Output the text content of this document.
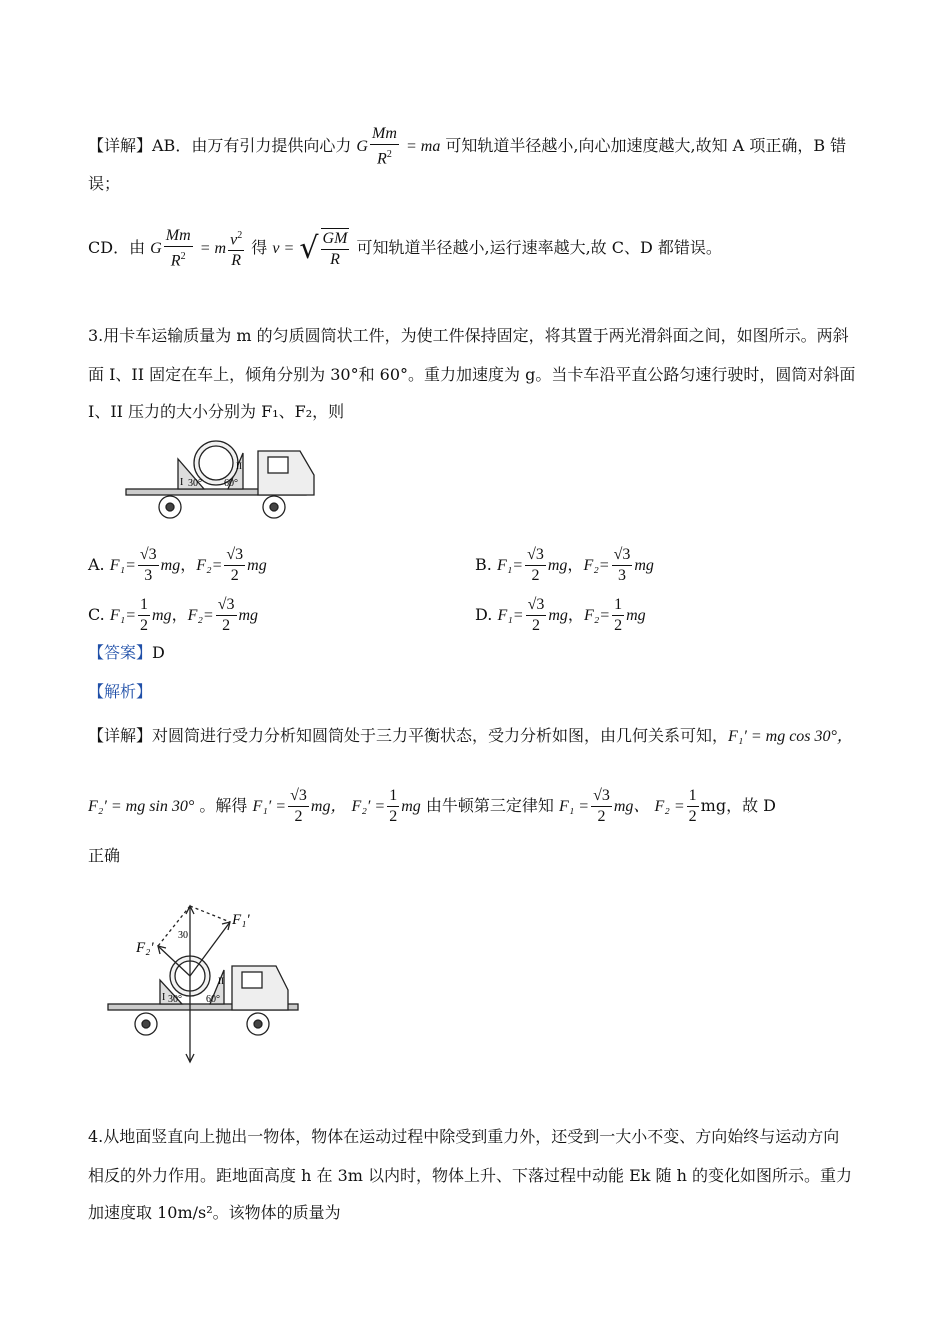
【详解】AB．由万有引力提供向心力 G $\frac{Mm}{R^2}$ = ma 可知轨道半径越小,向心加速度越大,故知 A 项正确，B 错
误；
CD．由 G $\frac{Mm}{R^2} = m \frac{v^2}{R}$ 得 v = √ $\frac{GM}{R}$ 可知轨道半径越小,运行速率越大,故 C、D 都错误。
3.用卡车运输质量为 m 的匀质圆筒状工件，为使工件保持固定，将其置于两光滑斜面之间，如图所示。两斜
面 I、II 固定在车上，倾角分别为 30°和 60°。重力加速度为 g。当卡车沿平直公路匀速行驶时，圆筒对斜面
I、II 压力的大小分别为 F₁、F₂，则
I
II
30° 60°
A. $F_1= \frac{√3}{3}$ mg，$F_2= \frac{√3}{2}$ mg	B. $F_1= \frac{√3}{2}$ mg，$F_2= \frac{√3}{3}$ mg
C. $F_1= \frac{1}{2}$ mg，$F_2= \frac{√3}{2}$ mg	D. $F_1= \frac{√3}{2}$ mg，$F_2= \frac{1}{2}$ mg
【答案】D
【解析】
【详解】对圆筒进行受力分析知圆筒处于三力平衡状态，受力分析如图，由几何关系可知，F₁′ = mg cos 30°，
F₂′ = mg sin 30° 。解得 $F_1' = \frac{√3}{2}$ mg， $F_2' = \frac{1}{2}$ mg 由牛顿第三定律知 $F_1 = \frac{√3}{2}$ mg、 $F_2 = \frac{1}{2}$ mg，故 D
正确
F₁'
F₂'
30
I
II
30° 60°
4.从地面竖直向上抛出一物体，物体在运动过程中除受到重力外，还受到一大小不变、方向始终与运动方向
相反的外力作用。距地面高度 h 在 3m 以内时，物体上升、下落过程中动能 Ek 随 h 的变化如图所示。重力
加速度取 10m/s²。该物体的质量为
